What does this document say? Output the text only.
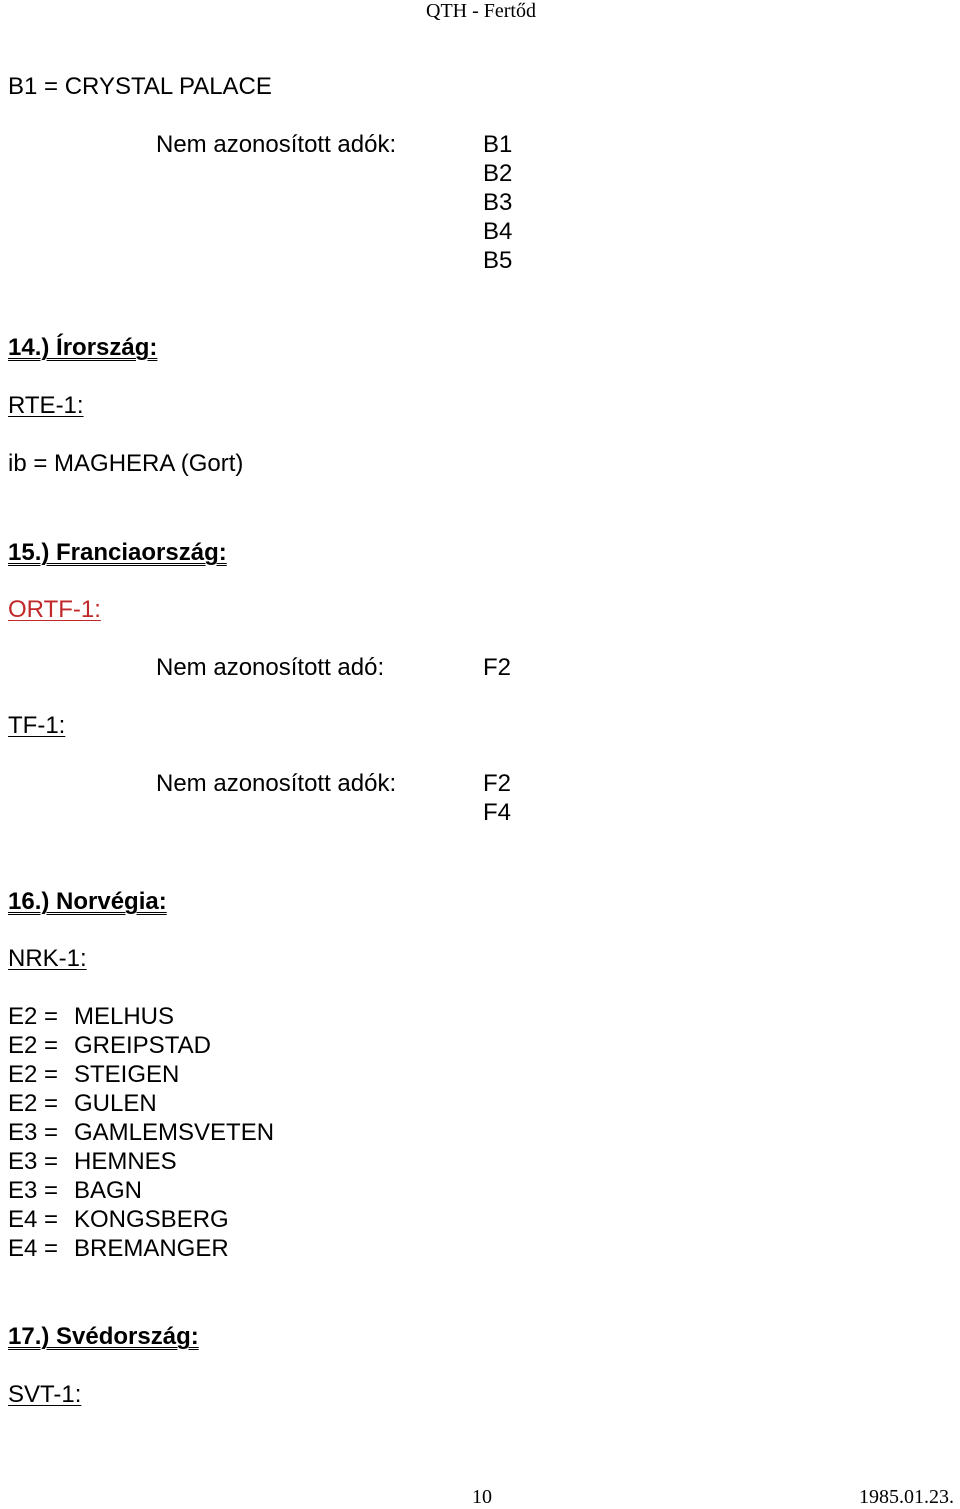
QTH - Fertőd
B1 = CRYSTAL PALACE
Nem azonosított adók:	B1
B2
B3
B4
B5
14.) Írország:
RTE-1:
ib = MAGHERA (Gort)
15.) Franciaország:
ORTF-1:
Nem azonosított adó:	F2
TF-1:
Nem azonosított adók:	F2
F4
16.) Norvégia:
NRK-1:
E2 = MELHUS
E2 = GREIPSTAD
E2 = STEIGEN
E2 = GULEN
E3 = GAMLEMSVETEN
E3 = HEMNES
E3 = BAGN
E4 = KONGSBERG
E4 = BREMANGER
17.) Svédország:
SVT-1:
10	1985.01.23.
